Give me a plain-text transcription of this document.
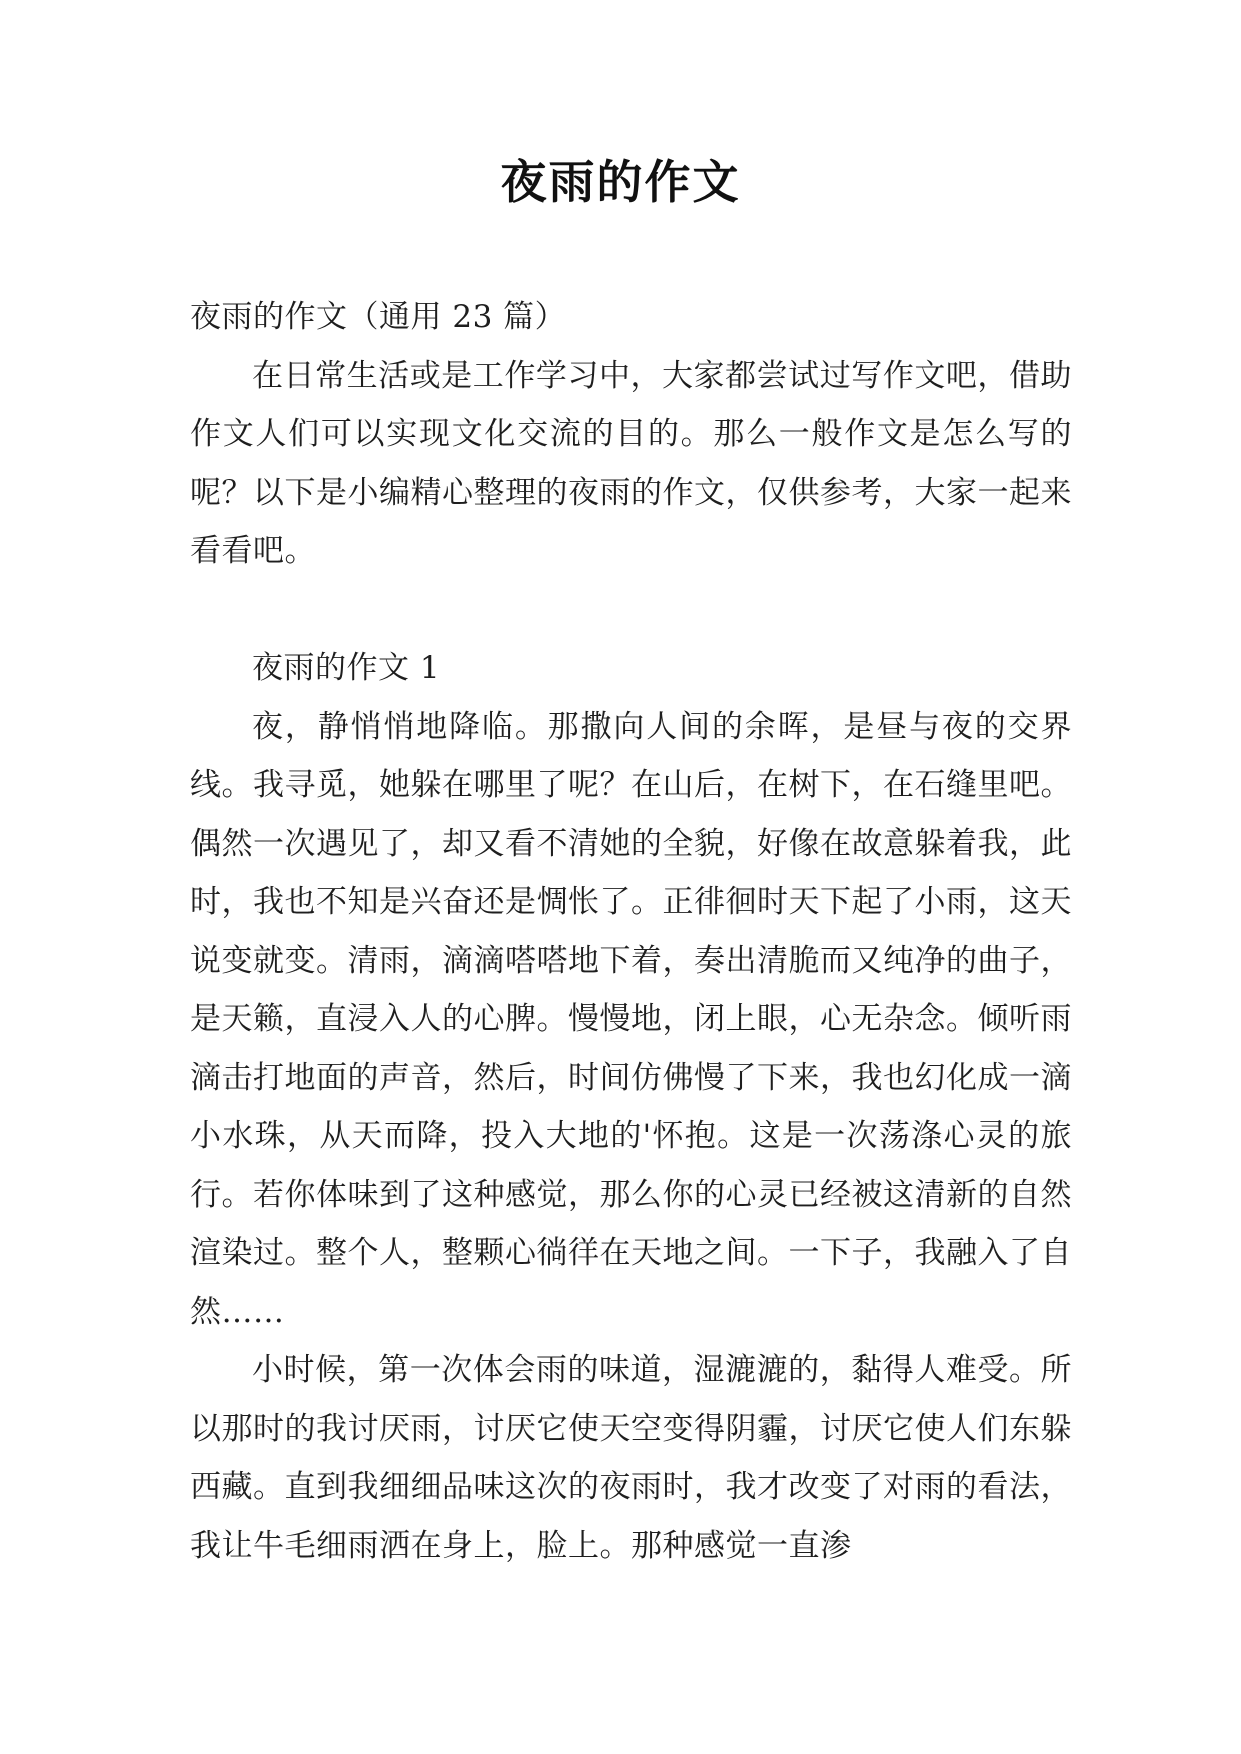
夜雨的作文

夜雨的作文（通用 23 篇）

在日常生活或是工作学习中，大家都尝试过写作文吧，借助作文人们可以实现文化交流的目的。那么一般作文是怎么写的呢？以下是小编精心整理的夜雨的作文，仅供参考，大家一起来看看吧。

夜雨的作文 1

夜，静悄悄地降临。那撒向人间的余晖，是昼与夜的交界线。我寻觅，她躲在哪里了呢？在山后，在树下，在石缝里吧。偶然一次遇见了，却又看不清她的全貌，好像在故意躲着我，此时，我也不知是兴奋还是惆怅了。正徘徊时天下起了小雨，这天说变就变。清雨，滴滴嗒嗒地下着，奏出清脆而又纯净的曲子，是天籁，直浸入人的心脾。慢慢地，闭上眼，心无杂念。倾听雨滴击打地面的声音，然后，时间仿佛慢了下来，我也幻化成一滴小水珠，从天而降，投入大地的'怀抱。这是一次荡涤心灵的旅行。若你体味到了这种感觉，那么你的心灵已经被这清新的自然渲染过。整个人，整颗心徜徉在天地之间。一下子，我融入了自然……

小时候，第一次体会雨的味道，湿漉漉的，黏得人难受。所以那时的我讨厌雨，讨厌它使天空变得阴霾，讨厌它使人们东躲西藏。直到我细细品味这次的夜雨时，我才改变了对雨的看法，我让牛毛细雨洒在身上，脸上。那种感觉一直渗
